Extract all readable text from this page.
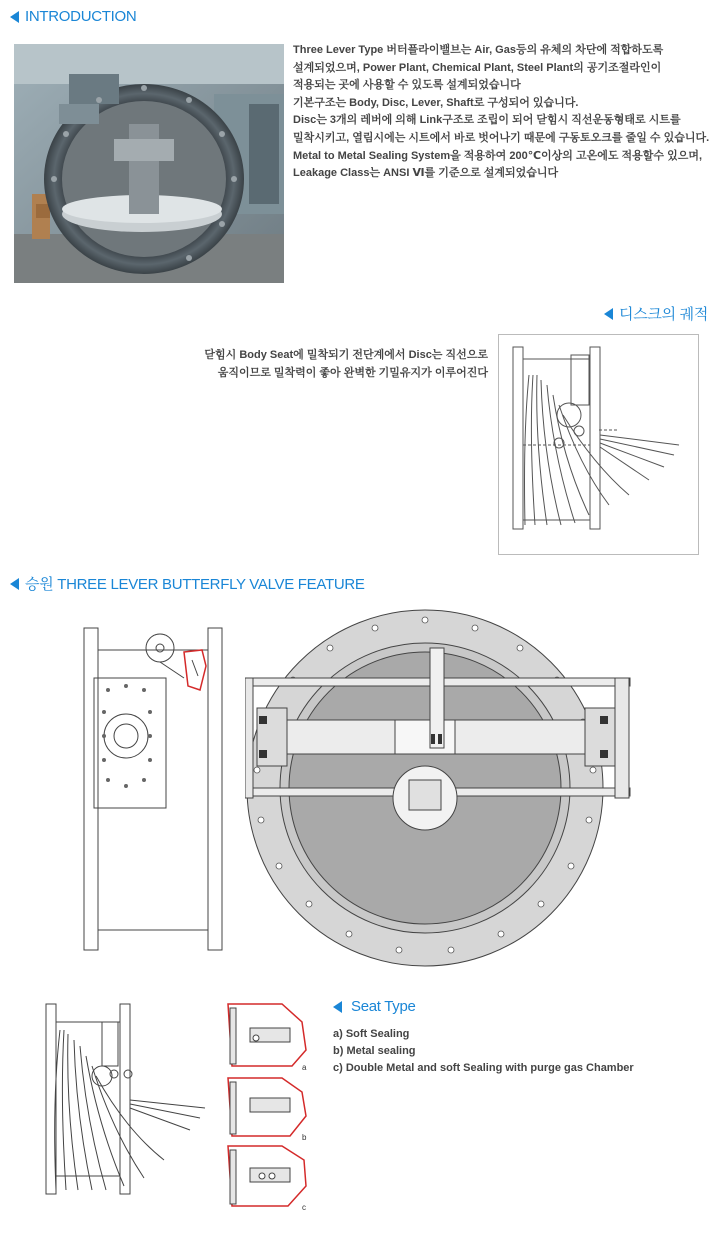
INTRODUCTION

Three Lever Type 버터플라이밸브는 Air, Gas등의 유체의 차단에 적합하도록

설계되었으며, Power Plant, Chemical Plant, Steel Plant의 공기조절라인이

적용되는 곳에 사용할 수 있도록 설계되었습니다

기본구조는 Body, Disc, Lever, Shaft로 구성되어 있습니다.

Disc는 3개의 레버에 의해 Link구조로 조립이 되어 닫힘시 직선운동형태로 시트를

밀착시키고, 열림시에는 시트에서 바로 벗어나기 때문에 구동토오크를 줄일 수 있습니다.

Metal to Metal Sealing System을 적용하여 200℃이상의 고온에도 적용할수 있으며,

Leakage Class는 ANSI Ⅵ를 기준으로 설계되었습니다

디스크의 궤적

닫힘시 Body Seat에 밀착되기 전단계에서 Disc는 직선으로

움직이므로 밀착력이 좋아 완벽한 기밀유지가 이루어진다

승원 THREE LEVER BUTTERFLY VALVE FEATURE
a
b
c
Seat Type
a) Soft Sealing
b) Metal sealing
c) Double Metal and soft Sealing with purge gas Chamber
